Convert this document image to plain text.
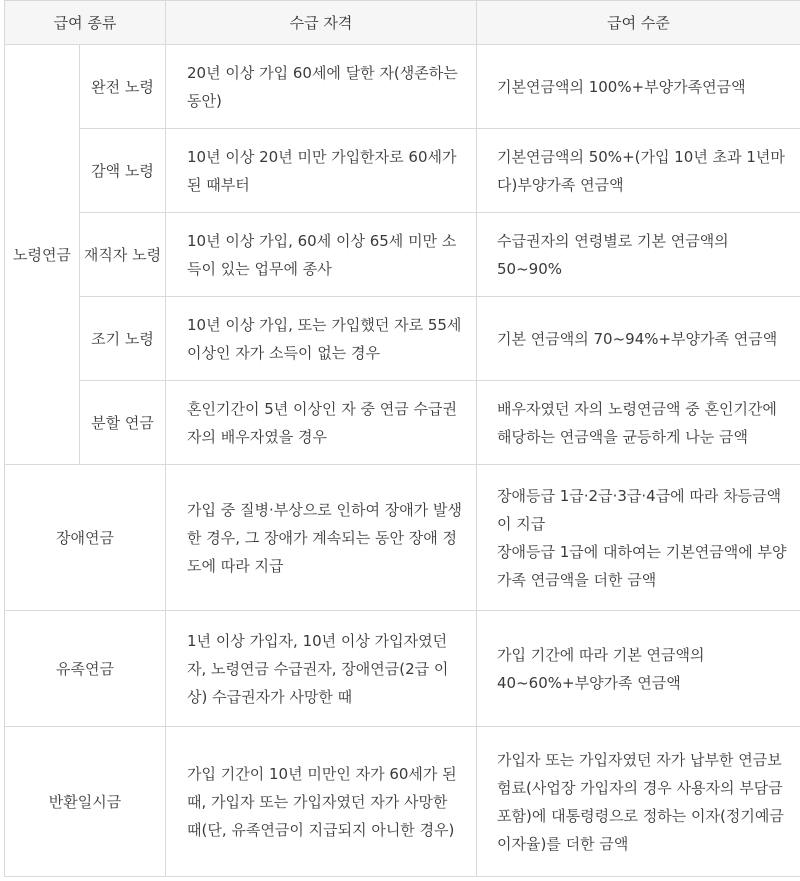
급여 종류		수급 자격	급여 수준
노령연금	완전 노령	20년 이상 가입 60세에 달한 자(생존하는 동안)	기본연금액의 100%+부양가족연금액
	감액 노령	10년 이상 20년 미만 가입한자로 60세가 된 때부터	기본연금액의 50%+(가입 10년 초과 1년마다)부양가족 연금액
	재직자 노령	10년 이상 가입, 60세 이상 65세 미만 소득이 있는 업무에 종사	수급권자의 연령별로 기본 연금액의 50~90%
	조기 노령	10년 이상 가입, 또는 가입했던 자로 55세 이상인 자가 소득이 없는 경우	기본 연금액의 70~94%+부양가족 연금액
	분할 연금	혼인기간이 5년 이상인 자 중 연금 수급권자의 배우자였을 경우	배우자였던 자의 노령연금액 중 혼인기간에 해당하는 연금액을 균등하게 나눈 금액
장애연금		가입 중 질병·부상으로 인하여 장애가 발생한 경우, 그 장애가 계속되는 동안 장애 정도에 따라 지급	장애등급 1급·2급·3급·4급에 따라 차등금액이 지급
장애등급 1급에 대하여는 기본연금액에 부양가족 연금액을 더한 금액

유족연금		1년 이상 가입자, 10년 이상 가입자였던 자, 노령연금 수급권자, 장애연금(2급 이상) 수급권자가 사망한 때	가입 기간에 따라 기본 연금액의 40~60%+부양가족 연금액
반환일시금		가입 기간이 10년 미만인 자가 60세가 된 때, 가입자 또는 가입자였던 자가 사망한 때(단, 유족연금이 지급되지 아니한 경우)	가입자 또는 가입자였던 자가 납부한 연금보험료(사업장 가입자의 경우 사용자의 부담금 포함)에 대통령령으로 정하는 이자(정기예금 이자율)를 더한 금액
